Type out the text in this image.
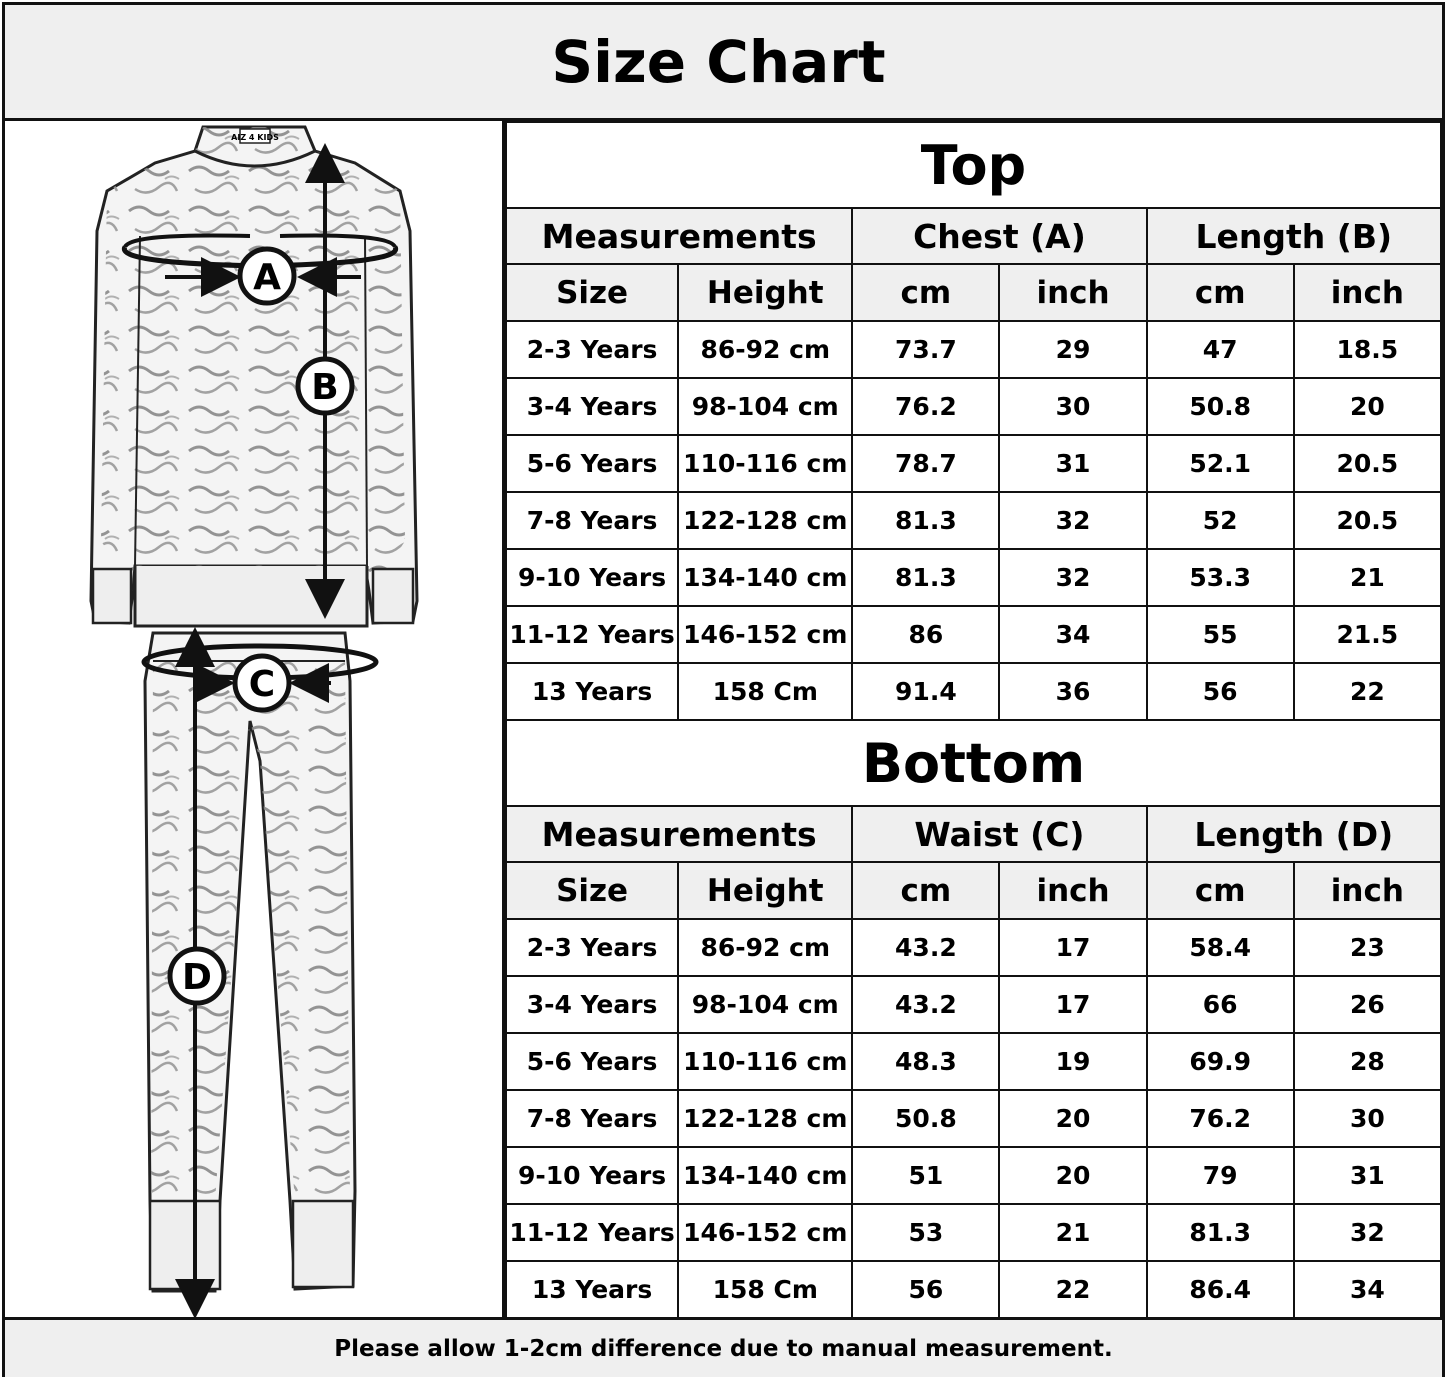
Size Chart
AIZ 4 KIDS
A
B
C
D
Top					
Measurements		Chest (A)		Length (B)	
Size	Height	cm	inch	cm	inch
2-3 Years	86-92 cm	73.7	29	47	18.5
3-4 Years	98-104 cm	76.2	30	50.8	20
5-6 Years	110-116 cm	78.7	31	52.1	20.5
7-8 Years	122-128 cm	81.3	32	52	20.5
9-10 Years	134-140 cm	81.3	32	53.3	21
11-12 Years	146-152 cm	86	34	55	21.5
13 Years	158 Cm	91.4	36	56	22
Bottom					
Measurements		Waist (C)		Length (D)	
Size	Height	cm	inch	cm	inch
2-3 Years	86-92 cm	43.2	17	58.4	23
3-4 Years	98-104 cm	43.2	17	66	26
5-6 Years	110-116 cm	48.3	19	69.9	28
7-8 Years	122-128 cm	50.8	20	76.2	30
9-10 Years	134-140 cm	51	20	79	31
11-12 Years	146-152 cm	53	21	81.3	32
13 Years	158 Cm	56	22	86.4	34
Please allow 1-2cm difference due to manual measurement.
